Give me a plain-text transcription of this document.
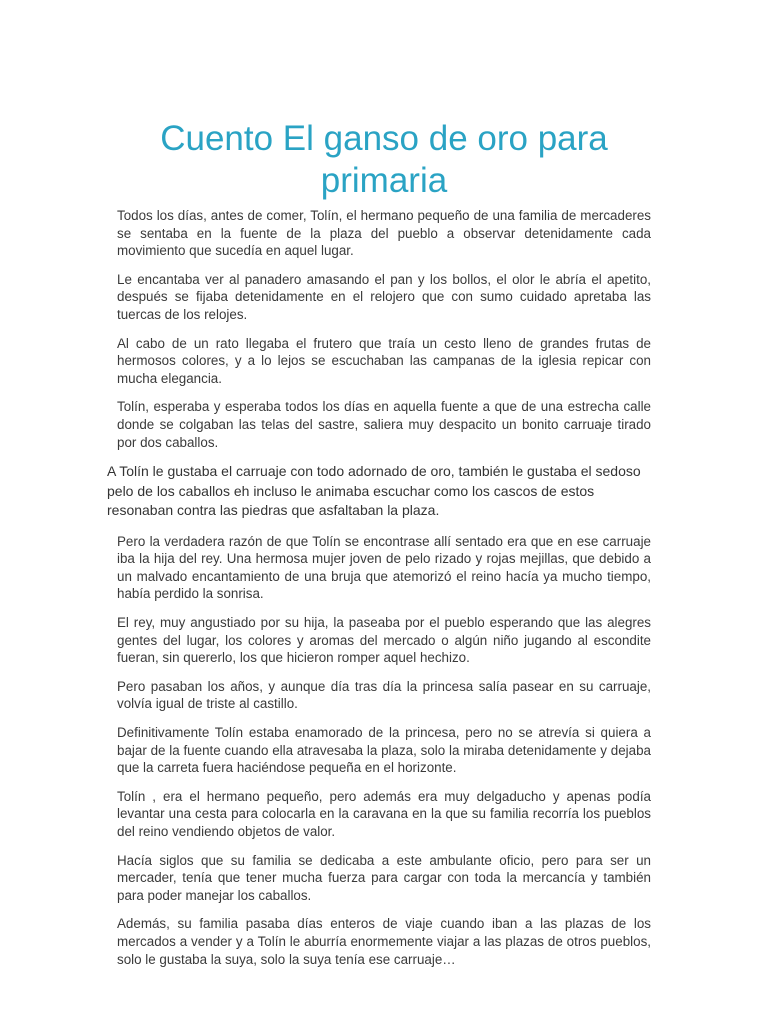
Cuento El ganso de oro para primaria

Todos los días, antes de comer, Tolín, el hermano pequeño de una familia de mercaderes se sentaba en la fuente de la plaza del pueblo a observar detenidamente cada movimiento que sucedía en aquel lugar.

Le encantaba ver al panadero amasando el pan y los bollos, el olor le abría el apetito, después se fijaba detenidamente en el relojero que con sumo cuidado apretaba las tuercas de los relojes.

Al cabo de un rato llegaba el frutero que traía un cesto lleno de grandes frutas de hermosos colores, y a lo lejos se escuchaban las campanas de la iglesia repicar con mucha elegancia.

Tolín, esperaba y esperaba todos los días en aquella fuente a que de una estrecha calle donde se colgaban las telas del sastre, saliera muy despacito un bonito carruaje tirado por dos caballos.

A Tolín le gustaba el carruaje con todo adornado de oro, también le gustaba el sedoso pelo de los caballos eh incluso le animaba escuchar como los cascos de estos resonaban contra las piedras que asfaltaban la plaza.

Pero la verdadera razón de que Tolín se encontrase allí sentado era que en ese carruaje iba la hija del rey. Una hermosa mujer joven de pelo rizado y rojas mejillas, que debido a un malvado encantamiento de una bruja que atemorizó el reino hacía ya mucho tiempo, había perdido la sonrisa.

El rey, muy angustiado por su hija, la paseaba por el pueblo esperando que las alegres gentes del lugar, los colores y aromas del mercado o algún niño jugando al escondite fueran, sin quererlo, los que hicieron romper aquel hechizo.

Pero pasaban los años, y aunque día tras día la princesa salía pasear en su carruaje, volvía igual de triste al castillo.

Definitivamente Tolín estaba enamorado de la princesa, pero no se atrevía si quiera a bajar de la fuente cuando ella atravesaba la plaza, solo la miraba detenidamente y dejaba que la carreta fuera haciéndose pequeña en el horizonte.

Tolín , era el hermano pequeño, pero además era muy delgaducho y apenas podía levantar una cesta para colocarla en la caravana en la que su familia recorría los pueblos del reino vendiendo objetos de valor.

Hacía siglos que su familia se dedicaba a este ambulante oficio, pero para ser un mercader, tenía que tener mucha fuerza para cargar con toda la mercancía y también para poder manejar los caballos.

Además, su familia pasaba días enteros de viaje cuando iban a las plazas de los mercados a vender y a Tolín le aburría enormemente viajar a las plazas de otros pueblos, solo le gustaba la suya, solo la suya tenía ese carruaje…
